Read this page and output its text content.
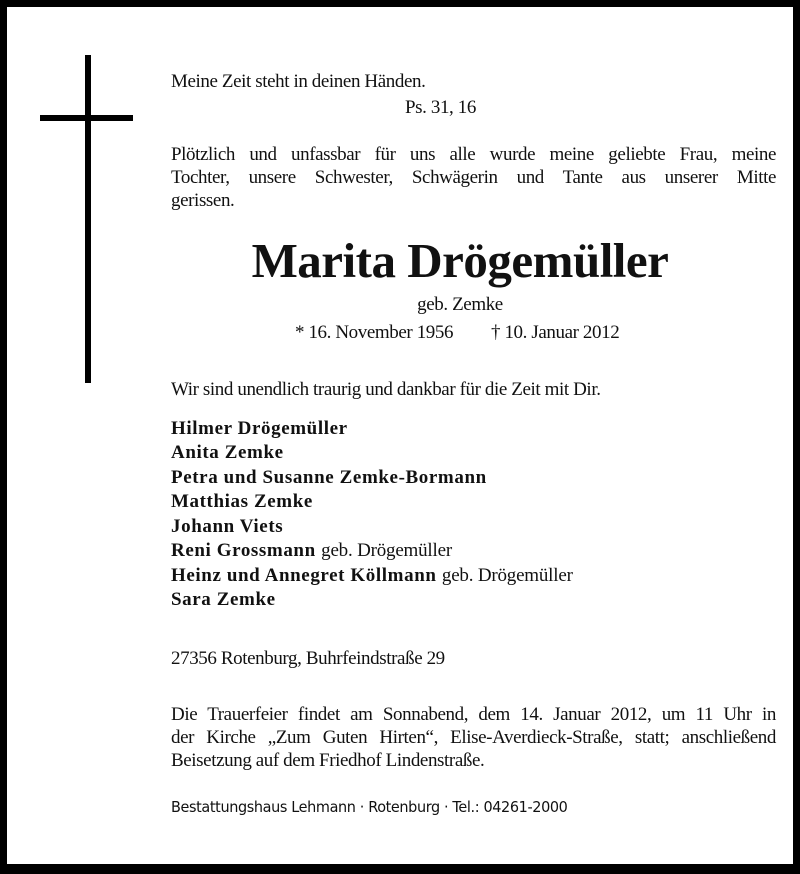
Meine Zeit steht in deinen Händen.
Ps. 31, 16
Plötzlich und unfassbar für uns alle wurde meine geliebte Frau, meine
Tochter, unsere Schwester, Schwägerin und Tante aus unserer Mitte
gerissen.
Marita Drögemüller
geb. Zemke
* 16. November 1956 † 10. Januar 2012
Wir sind unendlich traurig und dankbar für die Zeit mit Dir.
Hilmer Drögemüller
Anita Zemke
Petra und Susanne Zemke-Bormann
Matthias Zemke
Johann Viets
Reni Grossmann geb. Drögemüller
Heinz und Annegret Köllmann geb. Drögemüller
Sara Zemke
27356 Rotenburg, Buhrfeindstraße 29
Die Trauerfeier findet am Sonnabend, dem 14. Januar 2012, um 11 Uhr in
der Kirche „Zum Guten Hirten“, Elise-Averdieck-Straße, statt; anschließend
Beisetzung auf dem Friedhof Lindenstraße.
Bestattungshaus Lehmann · Rotenburg · Tel.: 04261-2000
